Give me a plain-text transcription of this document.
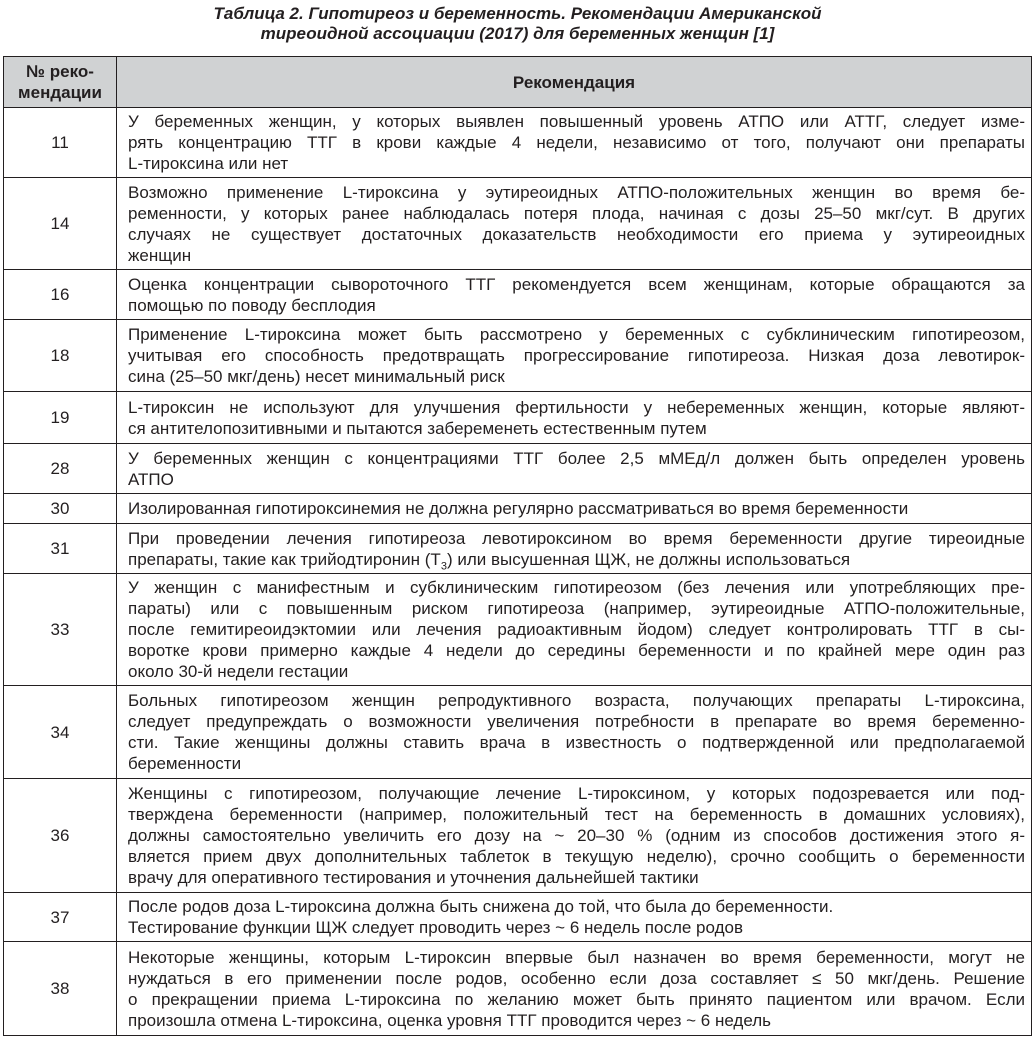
Таблица 2. Гипотиреоз и беременность. Рекомендации Американской
тиреоидной ассоциации (2017) для беременных женщин [1]
№ реко-
мендации	Рекомендация
11	У беременных женщин, у которых выявлен повышенный уровень АТПО или АТТГ, следует изме-
рять концентрацию ТТГ в крови каждые 4 недели, независимо от того, получают они препараты
L-тироксина или нет

14	Возможно применение L-тироксина у эутиреоидных АТПО-положительных женщин во время бе-
ременности, у которых ранее наблюдалась потеря плода, начиная с дозы 25–50 мкг/сут. В других
случаях не существует достаточных доказательств необходимости его приема у эутиреоидных
женщин

16	Оценка концентрации сывороточного ТТГ рекомендуется всем женщинам, которые обращаются за
помощью по поводу бесплодия

18	Применение L-тироксина может быть рассмотрено у беременных с субклиническим гипотиреозом,
учитывая его способность предотвращать прогрессирование гипотиреоза. Низкая доза левотирок-
сина (25–50 мкг/день) несет минимальный риск

19	L-тироксин не используют для улучшения фертильности у небеременных женщин, которые являют-
ся антителопозитивными и пытаются забеременеть естественным путем

28	У беременных женщин с концентрациями ТТГ более 2,5 мМЕд/л должен быть определен уровень
АТПО

30	Изолированная гипотироксинемия не должна регулярно рассматриваться во время беременности

31	При проведении лечения гипотиреоза левотироксином во время беременности другие тиреоидные
препараты, такие как трийодтиронин $(T_3)$ или высушенная ЩЖ, не должны использоваться

33	У женщин с манифестным и субклиническим гипотиреозом (без лечения или употребляющих пре-
параты) или с повышенным риском гипотиреоза (например, эутиреоидные АТПО-положительные,
после гемитиреоидэктомии или лечения радиоактивным йодом) следует контролировать ТТГ в сы-
воротке крови примерно каждые 4 недели до середины беременности и по крайней мере один раз
около 30-й недели гестации

34	Больных гипотиреозом женщин репродуктивного возраста, получающих препараты L-тироксина,
следует предупреждать о возможности увеличения потребности в препарате во время беременно-
сти. Такие женщины должны ставить врача в известность о подтвержденной или предполагаемой
беременности

36	Женщины с гипотиреозом, получающие лечение L-тироксином, у которых подозревается или под-
тверждена беременности (например, положительный тест на беременность в домашних условиях),
должны самостоятельно увеличить его дозу на ~ 20–30 % (одним из способов достижения этого я-
вляется прием двух дополнительных таблеток в текущую неделю), срочно сообщить о беременности
врачу для оперативного тестирования и уточнения дальнейшей тактики

37	После родов доза L-тироксина должна быть снижена до той, что была до беременности.
Тестирование функции ЩЖ следует проводить через ~ 6 недель после родов

38	Некоторые женщины, которым L-тироксин впервые был назначен во время беременности, могут не
нуждаться в его применении после родов, особенно если доза составляет ≤ 50 мкг/день. Решение
о прекращении приема L-тироксина по желанию может быть принято пациентом или врачом. Если
произошла отмена L-тироксина, оценка уровня ТТГ проводится через ~ 6 недель
